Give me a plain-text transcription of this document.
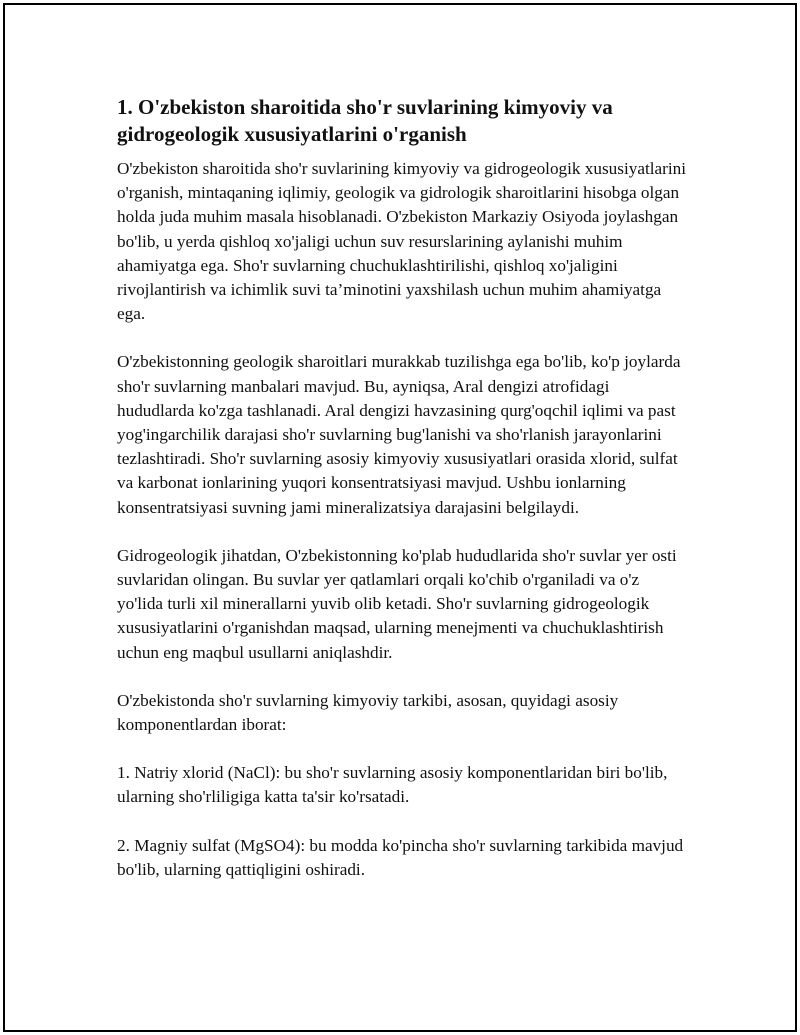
1. O'zbekiston sharoitida sho'r suvlarining kimyoviy va gidrogeologik xususiyatlarini o'rganish

O'zbekiston sharoitida sho'r suvlarining kimyoviy va gidrogeologik xususiyatlarini o'rganish, mintaqaning iqlimiy, geologik va gidrologik sharoitlarini hisobga olgan holda juda muhim masala hisoblanadi. O'zbekiston Markaziy Osiyoda joylashgan bo'lib, u yerda qishloq xo'jaligi uchun suv resurslarining aylanishi muhim ahamiyatga ega. Sho'r suvlarning chuchuklashtirilishi, qishloq xo'jaligini rivojlantirish va ichimlik suvi ta’minotini yaxshilash uchun muhim ahamiyatga ega.

O'zbekistonning geologik sharoitlari murakkab tuzilishga ega bo'lib, ko'p joylarda sho'r suvlarning manbalari mavjud. Bu, ayniqsa, Aral dengizi atrofidagi hududlarda ko'zga tashlanadi. Aral dengizi havzasining qurg'oqchil iqlimi va past yog'ingarchilik darajasi sho'r suvlarning bug'lanishi va sho'rlanish jarayonlarini tezlashtiradi. Sho'r suvlarning asosiy kimyoviy xususiyatlari orasida xlorid, sulfat va karbonat ionlarining yuqori konsentratsiyasi mavjud. Ushbu ionlarning konsentratsiyasi suvning jami mineralizatsiya darajasini belgilaydi.

Gidrogeologik jihatdan, O'zbekistonning ko'plab hududlarida sho'r suvlar yer osti suvlaridan olingan. Bu suvlar yer qatlamlari orqali ko'chib o'rganiladi va o'z yo'lida turli xil minerallarni yuvib olib ketadi. Sho'r suvlarning gidrogeologik xususiyatlarini o'rganishdan maqsad, ularning menejmenti va chuchuklashtirish uchun eng maqbul usullarni aniqlashdir.

O'zbekistonda sho'r suvlarning kimyoviy tarkibi, asosan, quyidagi asosiy komponentlardan iborat:

1. Natriy xlorid (NaCl): bu sho'r suvlarning asosiy komponentlaridan biri bo'lib, ularning sho'rliligiga katta ta'sir ko'rsatadi.

2. Magniy sulfat (MgSO4): bu modda ko'pincha sho'r suvlarning tarkibida mavjud bo'lib, ularning qattiqligini oshiradi.
